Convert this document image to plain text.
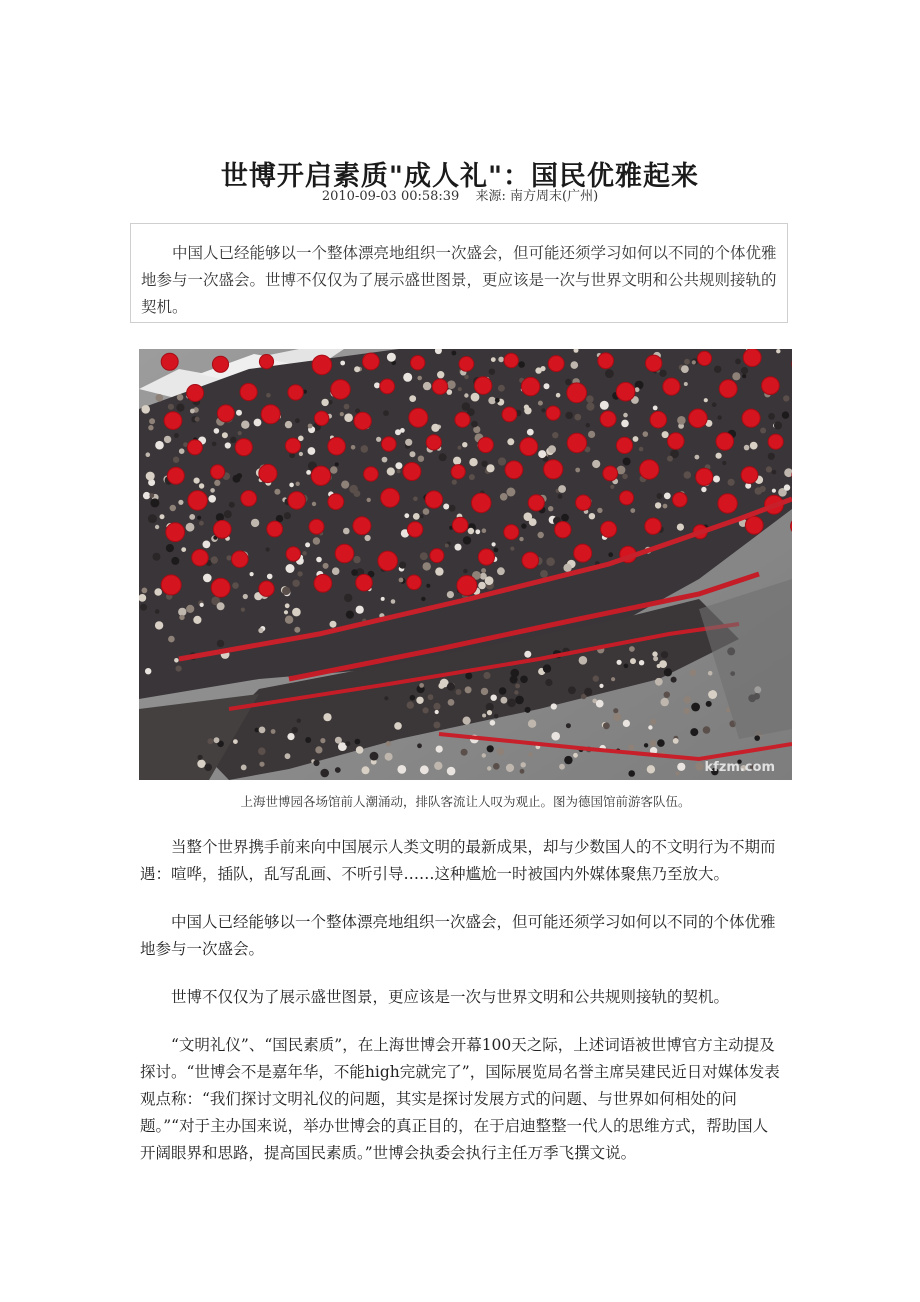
世博开启素质"成人礼"：国民优雅起来
2010-09-03 00:58:39 来源: 南方周末(广州)
中国人已经能够以一个整体漂亮地组织一次盛会，但可能还须学习如何以不同的个体优雅地参与一次盛会。世博不仅仅为了展示盛世图景，更应该是一次与世界文明和公共规则接轨的契机。
kfzm.com
上海世博园各场馆前人潮涌动，排队客流让人叹为观止。图为德国馆前游客队伍。

当整个世界携手前来向中国展示人类文明的最新成果，却与少数国人的不文明行为不期而遇：喧哗，插队，乱写乱画、不听引导……这种尴尬一时被国内外媒体聚焦乃至放大。

中国人已经能够以一个整体漂亮地组织一次盛会，但可能还须学习如何以不同的个体优雅地参与一次盛会。

世博不仅仅为了展示盛世图景，更应该是一次与世界文明和公共规则接轨的契机。

“文明礼仪”、“国民素质”，在上海世博会开幕100天之际，上述词语被世博官方主动提及探讨。“世博会不是嘉年华，不能high完就完了”，国际展览局名誉主席吴建民近日对媒体发表观点称：“我们探讨文明礼仪的问题，其实是探讨发展方式的问题、与世界如何相处的问题。”“对于主办国来说，举办世博会的真正目的，在于启迪整整一代人的思维方式，帮助国人开阔眼界和思路，提高国民素质。”世博会执委会执行主任万季飞撰文说。
